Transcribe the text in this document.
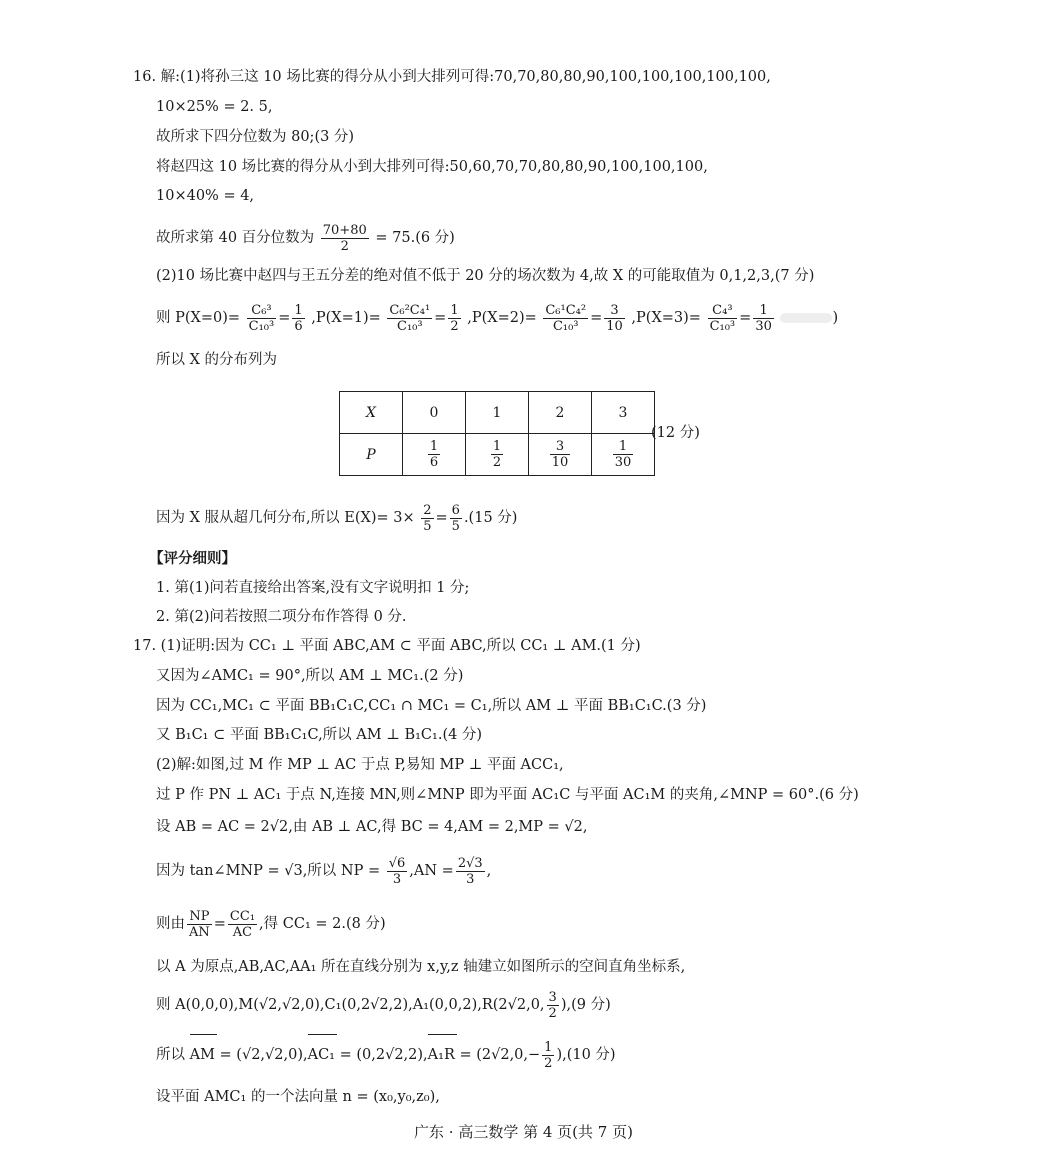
16. 解:(1)将孙三这 10 场比赛的得分从小到大排列可得:70,70,80,80,90,100,100,100,100,100,
10×25% = 2. 5,
故所求下四分位数为 80;(3 分)
将赵四这 10 场比赛的得分从小到大排列可得:50,60,70,70,80,80,90,100,100,100,
10×40% = 4,
故所求第 40 百分位数为 $\frac{70+80}{2} = 75.(6$ 分)
(2)10 场比赛中赵四与王五分差的绝对值不低于 20 分的场次数为 4,故 X 的可能取值为 0,1,2,3,(7 分)
则 $P(X=0)= \frac{\text{C₆³}}{\text{C₁₀³}} = \frac{1}{6} ,P(X=1)= \frac{\text{C₆²C₄¹}}{\text{C₁₀³}} = \frac{1}{2} ,P(X=2)= \frac{\text{C₆¹C₄²}}{\text{C₁₀³}} = \frac{3}{10} ,P(X=3)= \frac{\text{C₄³}}{\text{C₁₀³}} = \frac{1}{30}$	)
所以 X 的分布列为
X	0	1	2	3
P	$\frac{1}{6}$	$\frac{1}{2}$	$\frac{3}{10}$	$\frac{1}{30}$
(12 分)
因为 X 服从超几何分布,所以 $E(X)= 3\times \frac{2}{5} = \frac{6}{5} .(15$ 分)
【评分细则】
1. 第(1)问若直接给出答案,没有文字说明扣 1 分;
2. 第(2)问若按照二项分布作答得 0 分.
17. (1)证明:因为 CC₁ ⊥ 平面 ABC,AM ⊂ 平面 ABC,所以 CC₁ ⊥ AM.(1 分)
又因为∠AMC₁ = 90°,所以 AM ⊥ MC₁.(2 分)
因为 CC₁,MC₁ ⊂ 平面 BB₁C₁C,CC₁ ∩ MC₁ = C₁,所以 AM ⊥ 平面 BB₁C₁C.(3 分)
又 B₁C₁ ⊂ 平面 BB₁C₁C,所以 AM ⊥ B₁C₁.(4 分)
(2)解:如图,过 M 作 MP ⊥ AC 于点 P,易知 MP ⊥ 平面 ACC₁,
过 P 作 PN ⊥ AC₁ 于点 N,连接 MN,则∠MNP 即为平面 AC₁C 与平面 AC₁M 的夹角,∠MNP = 60°.(6 分)
设 AB = AC = 2√2,由 AB ⊥ AC,得 BC = 4,AM = 2,MP = √2,
因为 tan∠MNP = √3,所以 NP = $\frac{√6}{3} ,AN = \frac{2√3}{3}$ ,
则由 $\frac{NP}{AN} = \frac{\text{CC₁}}{AC}$ ,得 CC₁ = 2.(8 分)
以 A 为原点,AB,AC,AA₁ 所在直线分别为 x,y,z 轴建立如图所示的空间直角坐标系,
则 A(0,0,0),M(√2,√2,0),C₁(0,2√2,2),A₁(0,0,2),R(2√2,0, $\frac{3}{2} ),(9$ 分)
所以 AM = $(√2,√2,0),AC_1 = (0,2√2,2),A_1R = (2√2,0,- \frac{1}{2} ),(10$ 分)
设平面 AMC₁ 的一个法向量 n = (x₀,y₀,z₀),
广东 · 高三数学 第 4 页(共 7 页)
